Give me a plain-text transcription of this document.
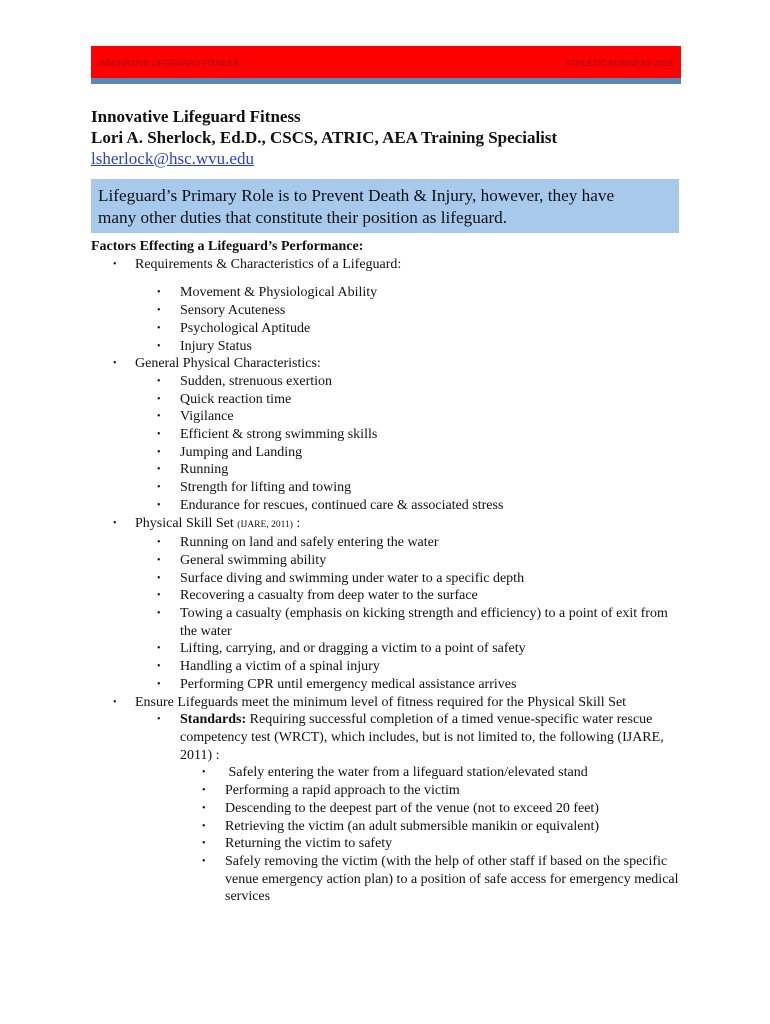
INNOVATIVE LIFEGUARD FITNESS	ATHLETIC BUSINESS 2018
Innovative Lifeguard Fitness
Lori A. Sherlock, Ed.D., CSCS, ATRIC, AEA Training Specialist
lsherlock@hsc.wvu.edu
Lifeguard’s Primary Role is to Prevent Death & Injury, however, they have
many other duties that constitute their position as lifeguard.
Factors Effecting a Lifeguard’s Performance:
• Requirements & Characteristics of a Lifeguard:
• Movement & Physiological Ability
• Sensory Acuteness
• Psychological Aptitude
• Injury Status
• General Physical Characteristics:
• Sudden, strenuous exertion
• Quick reaction time
• Vigilance
• Efficient & strong swimming skills
• Jumping and Landing
• Running
• Strength for lifting and towing
• Endurance for rescues, continued care & associated stress
• Physical Skill Set (IJARE, 2011) :
• Running on land and safely entering the water
• General swimming ability
• Surface diving and swimming under water to a specific depth
• Recovering a casualty from deep water to the surface
• Towing a casualty (emphasis on kicking strength and efficiency) to a point of exit from the water
• Lifting, carrying, and or dragging a victim to a point of safety
• Handling a victim of a spinal injury
• Performing CPR until emergency medical assistance arrives
• Ensure Lifeguards meet the minimum level of fitness required for the Physical Skill Set
• Standards: Requiring successful completion of a timed venue-specific water rescue competency test (WRCT), which includes, but is not limited to, the following (IJARE, 2011) :
• Safely entering the water from a lifeguard station/elevated stand
• Performing a rapid approach to the victim
• Descending to the deepest part of the venue (not to exceed 20 feet)
• Retrieving the victim (an adult submersible manikin or equivalent)
• Returning the victim to safety
• Safely removing the victim (with the help of other staff if based on the specific venue emergency action plan) to a position of safe access for emergency medical services
